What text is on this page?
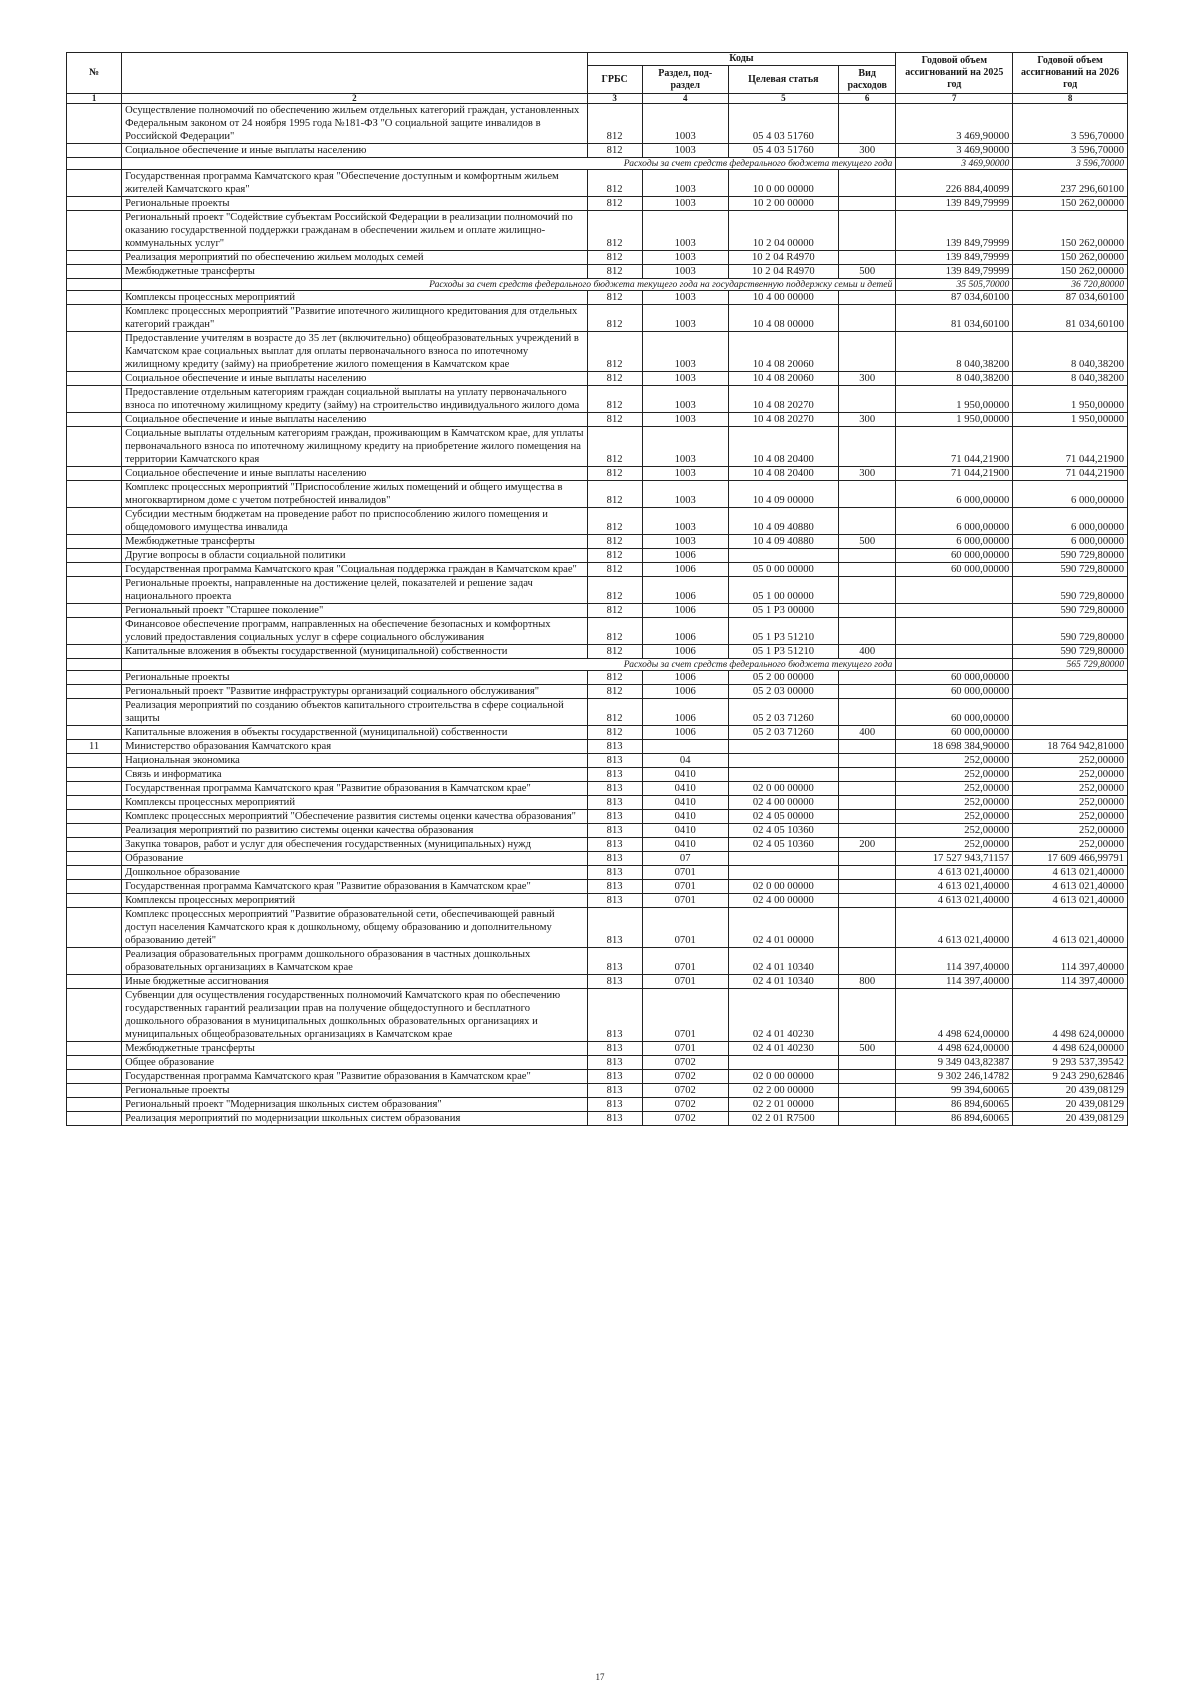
№		Коды				Годовой объем ассигнований на 2025 год	Годовой объем ассигнований на 2026 год
		ГРБС	Раздел, под-раздел	Целевая статья	Вид расходов		
1	2	3	4	5	6	7	8
	Осуществление полномочий по обеспечению жильем отдельных категорий граждан, установленных Федеральным законом от 24 ноября 1995 года №181-ФЗ "О социальной защите инвалидов в Российской Федерации"	812	1003	05 4 03 51760		3 469,90000	3 596,70000
	Социальное обеспечение и иные выплаты населению	812	1003	05 4 03 51760	300	3 469,90000	3 596,70000
	Расходы за счет средств федерального бюджета текущего года					3 469,90000	3 596,70000
	Государственная программа Камчатского края "Обеспечение доступным и комфортным жильем жителей Камчатского края"	812	1003	10 0 00 00000		226 884,40099	237 296,60100
	Региональные проекты	812	1003	10 2 00 00000		139 849,79999	150 262,00000
	Региональный проект "Содействие субъектам Российской Федерации в реализации полномочий по оказанию государственной поддержки гражданам в обеспечении жильем и оплате жилищно-коммунальных услуг"	812	1003	10 2 04 00000		139 849,79999	150 262,00000
	Реализация мероприятий по обеспечению жильем молодых семей	812	1003	10 2 04 R4970		139 849,79999	150 262,00000
	Межбюджетные трансферты	812	1003	10 2 04 R4970	500	139 849,79999	150 262,00000
	Расходы за счет средств федерального бюджета текущего года на государственную поддержку семьи и детей					35 505,70000	36 720,80000
	Комплексы процессных мероприятий	812	1003	10 4 00 00000		87 034,60100	87 034,60100
	Комплекс процессных мероприятий "Развитие ипотечного жилищного кредитования для отдельных категорий граждан"	812	1003	10 4 08 00000		81 034,60100	81 034,60100
	Предоставление учителям в возрасте до 35 лет (включительно) общеобразовательных учреждений в Камчатском крае социальных выплат для оплаты первоначального взноса по ипотечному жилищному кредиту (займу) на приобретение жилого помещения в Камчатском крае	812	1003	10 4 08 20060		8 040,38200	8 040,38200
	Социальное обеспечение и иные выплаты населению	812	1003	10 4 08 20060	300	8 040,38200	8 040,38200
	Предоставление отдельным категориям граждан социальной выплаты на уплату первоначального взноса по ипотечному жилищному кредиту (займу) на строительство индивидуального жилого дома	812	1003	10 4 08 20270		1 950,00000	1 950,00000
	Социальное обеспечение и иные выплаты населению	812	1003	10 4 08 20270	300	1 950,00000	1 950,00000
	Социальные выплаты отдельным категориям граждан, проживающим в Камчатском крае, для уплаты первоначального взноса по ипотечному жилищному кредиту на приобретение жилого помещения на территории Камчатского края	812	1003	10 4 08 20400		71 044,21900	71 044,21900
	Социальное обеспечение и иные выплаты населению	812	1003	10 4 08 20400	300	71 044,21900	71 044,21900
	Комплекс процессных мероприятий "Приспособление жилых помещений и общего имущества в многоквартирном доме с учетом потребностей инвалидов"	812	1003	10 4 09 00000		6 000,00000	6 000,00000
	Субсидии местным бюджетам на проведение работ по приспособлению жилого помещения и общедомового имущества инвалида	812	1003	10 4 09 40880		6 000,00000	6 000,00000
	Межбюджетные трансферты	812	1003	10 4 09 40880	500	6 000,00000	6 000,00000
	Другие вопросы в области социальной политики	812	1006			60 000,00000	590 729,80000
	Государственная программа Камчатского края "Социальная поддержка граждан в Камчатском крае"	812	1006	05 0 00 00000		60 000,00000	590 729,80000
	Региональные проекты, направленные на достижение целей, показателей и решение задач национального проекта	812	1006	05 1 00 00000			590 729,80000
	Региональный проект "Старшее поколение"	812	1006	05 1 P3 00000			590 729,80000
	Финансовое обеспечение программ, направленных на обеспечение безопасных и комфортных условий предоставления социальных услуг в сфере социального обслуживания	812	1006	05 1 P3 51210			590 729,80000
	Капитальные вложения в объекты государственной (муниципальной) собственности	812	1006	05 1 P3 51210	400		590 729,80000
	Расходы за счет средств федерального бюджета текущего года						565 729,80000
	Региональные проекты	812	1006	05 2 00 00000		60 000,00000	
	Региональный проект "Развитие инфраструктуры организаций социального обслуживания"	812	1006	05 2 03 00000		60 000,00000	
	Реализация мероприятий по созданию объектов капитального строительства в сфере социальной защиты	812	1006	05 2 03 71260		60 000,00000	
	Капитальные вложения в объекты государственной (муниципальной) собственности	812	1006	05 2 03 71260	400	60 000,00000	
11	Министерство образования Камчатского края	813				18 698 384,90000	18 764 942,81000
	Национальная экономика	813	04			252,00000	252,00000
	Связь и информатика	813	0410			252,00000	252,00000
	Государственная программа Камчатского края "Развитие образования в Камчатском крае"	813	0410	02 0 00 00000		252,00000	252,00000
	Комплексы процессных мероприятий	813	0410	02 4 00 00000		252,00000	252,00000
	Комплекс процессных мероприятий "Обеспечение развития системы оценки качества образования"	813	0410	02 4 05 00000		252,00000	252,00000
	Реализация мероприятий по развитию системы оценки качества образования	813	0410	02 4 05 10360		252,00000	252,00000
	Закупка товаров, работ и услуг для обеспечения государственных (муниципальных) нужд	813	0410	02 4 05 10360	200	252,00000	252,00000
	Образование	813	07			17 527 943,71157	17 609 466,99791
	Дошкольное образование	813	0701			4 613 021,40000	4 613 021,40000
	Государственная программа Камчатского края "Развитие образования в Камчатском крае"	813	0701	02 0 00 00000		4 613 021,40000	4 613 021,40000
	Комплексы процессных мероприятий	813	0701	02 4 00 00000		4 613 021,40000	4 613 021,40000
	Комплекс процессных мероприятий "Развитие образовательной сети, обеспечивающей равный доступ населения Камчатского края к дошкольному, общему образованию и дополнительному образованию детей"	813	0701	02 4 01 00000		4 613 021,40000	4 613 021,40000
	Реализация образовательных программ дошкольного образования в частных дошкольных образовательных организациях в Камчатском крае	813	0701	02 4 01 10340		114 397,40000	114 397,40000
	Иные бюджетные ассигнования	813	0701	02 4 01 10340	800	114 397,40000	114 397,40000
	Субвенции для осуществления государственных полномочий Камчатского края по обеспечению государственных гарантий реализации прав на получение общедоступного и бесплатного дошкольного образования в муниципальных дошкольных образовательных организациях и муниципальных общеобразовательных организациях в Камчатском крае	813	0701	02 4 01 40230		4 498 624,00000	4 498 624,00000
	Межбюджетные трансферты	813	0701	02 4 01 40230	500	4 498 624,00000	4 498 624,00000
	Общее образование	813	0702			9 349 043,82387	9 293 537,39542
	Государственная программа Камчатского края "Развитие образования в Камчатском крае"	813	0702	02 0 00 00000		9 302 246,14782	9 243 290,62846
	Региональные проекты	813	0702	02 2 00 00000		99 394,60065	20 439,08129
	Региональный проект "Модернизация школьных систем образования"	813	0702	02 2 01 00000		86 894,60065	20 439,08129
	Реализация мероприятий по модернизации школьных систем образования	813	0702	02 2 01 R7500		86 894,60065	20 439,08129
17
